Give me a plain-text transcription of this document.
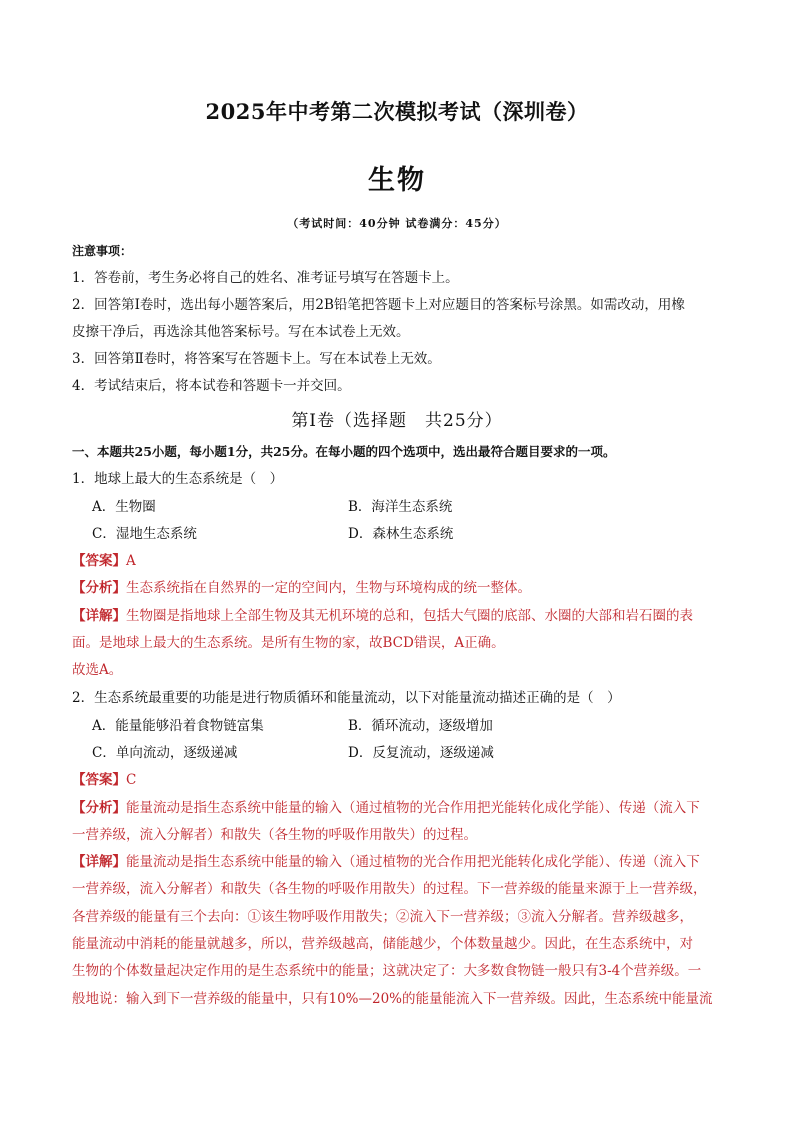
2025年中考第二次模拟考试（深圳卷）
生物
（考试时间：40分钟 试卷满分：45分）
注意事项：
1．答卷前，考生务必将自己的姓名、准考证号填写在答题卡上。
2．回答第Ⅰ卷时，选出每小题答案后，用2B铅笔把答题卡上对应题目的答案标号涂黑。如需改动，用橡
皮擦干净后，再选涂其他答案标号。写在本试卷上无效。
3．回答第Ⅱ卷时，将答案写在答题卡上。写在本试卷上无效。
4．考试结束后，将本试卷和答题卡一并交回。
第Ⅰ卷（选择题　共25分）
一、本题共25小题，每小题1分，共25分。在每小题的四个选项中，选出最符合题目要求的一项。
1．地球上最大的生态系统是（　）
A．生物圈	B．海洋生态系统
C．湿地生态系统	D．森林生态系统
【答案】A
【分析】生态系统指在自然界的一定的空间内，生物与环境构成的统一整体。
【详解】生物圈是指地球上全部生物及其无机环境的总和，包括大气圈的底部、水圈的大部和岩石圈的表
面。是地球上最大的生态系统。是所有生物的家，故BCD错误，A正确。
故选A。
2．生态系统最重要的功能是进行物质循环和能量流动，以下对能量流动描述正确的是（　）
A．能量能够沿着食物链富集	B．循环流动，逐级增加
C．单向流动，逐级递减	D．反复流动，逐级递减
【答案】C
【分析】能量流动是指生态系统中能量的输入（通过植物的光合作用把光能转化成化学能）、传递（流入下
一营养级，流入分解者）和散失（各生物的呼吸作用散失）的过程。
【详解】能量流动是指生态系统中能量的输入（通过植物的光合作用把光能转化成化学能）、传递（流入下
一营养级，流入分解者）和散失（各生物的呼吸作用散失）的过程。下一营养级的能量来源于上一营养级，
各营养级的能量有三个去向：①该生物呼吸作用散失；②流入下一营养级；③流入分解者。营养级越多，
能量流动中消耗的能量就越多，所以，营养级越高，储能越少，个体数量越少。因此，在生态系统中，对
生物的个体数量起决定作用的是生态系统中的能量；这就决定了：大多数食物链一般只有3-4个营养级。一
般地说：输入到下一营养级的能量中，只有10%—20%的能量能流入下一营养级。因此，生态系统中能量流
